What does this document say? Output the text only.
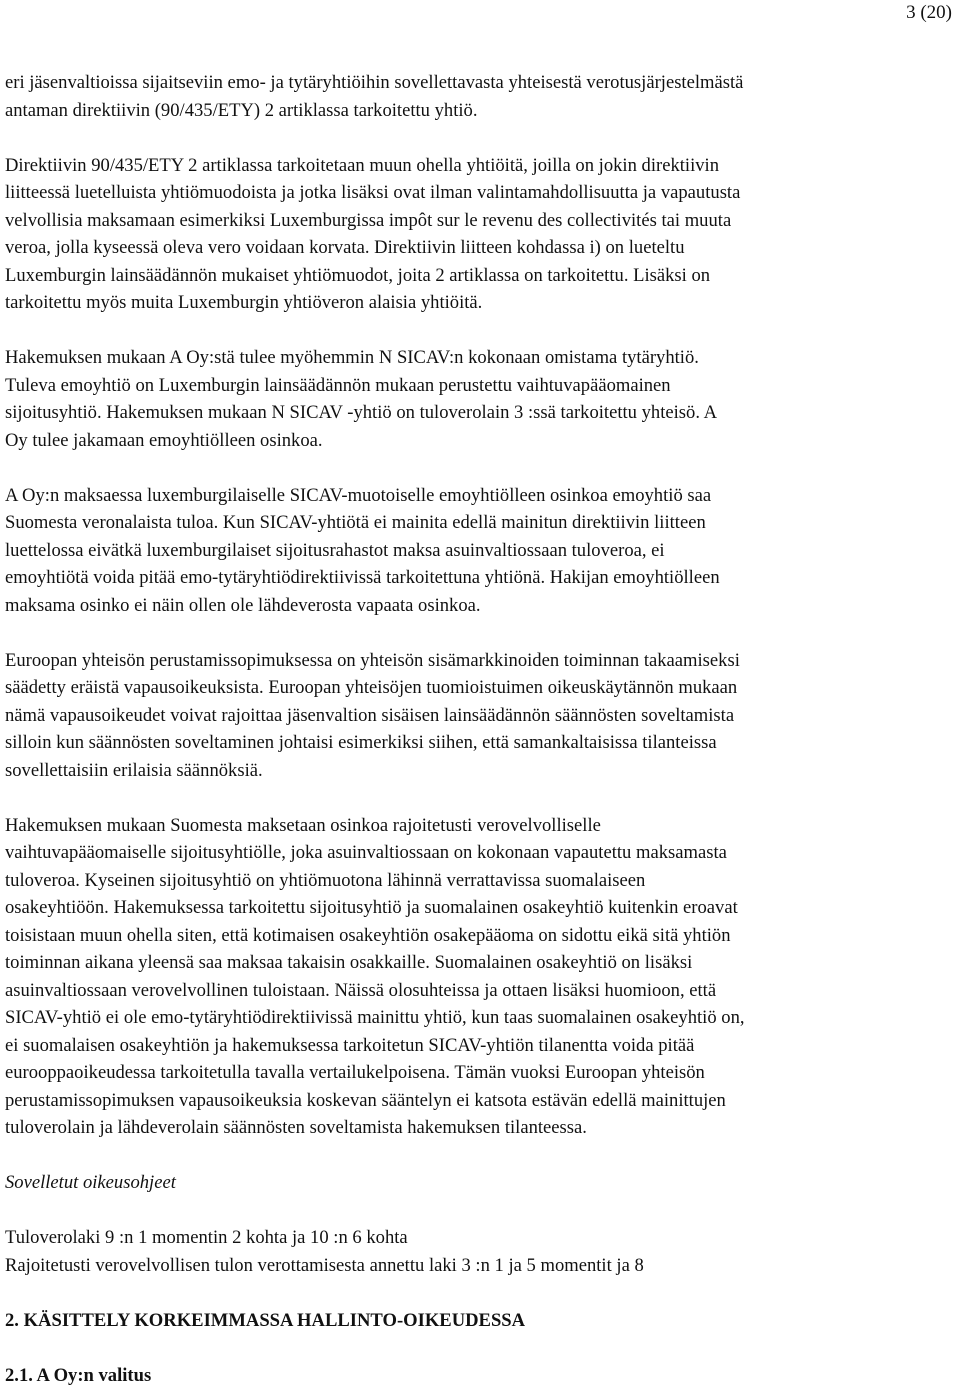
3 (20)
eri jäsenvaltioissa sijaitseviin emo- ja tytäryhtiöihin sovellettavasta yhteisestä verotusjärjestelmästä
antaman direktiivin (90/435/ETY) 2 artiklassa tarkoitettu yhtiö.
Direktiivin 90/435/ETY 2 artiklassa tarkoitetaan muun ohella yhtiöitä, joilla on jokin direktiivin
liitteessä luetelluista yhtiömuodoista ja jotka lisäksi ovat ilman valintamahdollisuutta ja vapautusta
velvollisia maksamaan esimerkiksi Luxemburgissa impôt sur le revenu des collectivités tai muuta
veroa, jolla kyseessä oleva vero voidaan korvata. Direktiivin liitteen kohdassa i) on lueteltu
Luxemburgin lainsäädännön mukaiset yhtiömuodot, joita 2 artiklassa on tarkoitettu. Lisäksi on
tarkoitettu myös muita Luxemburgin yhtiöveron alaisia yhtiöitä.
Hakemuksen mukaan A Oy:stä tulee myöhemmin N SICAV:n kokonaan omistama tytäryhtiö.
Tuleva emoyhtiö on Luxemburgin lainsäädännön mukaan perustettu vaihtuvapääomainen
sijoitusyhtiö. Hakemuksen mukaan N SICAV -yhtiö on tuloverolain 3 :ssä tarkoitettu yhteisö. A
Oy tulee jakamaan emoyhtiölleen osinkoa.
A Oy:n maksaessa luxemburgilaiselle SICAV-muotoiselle emoyhtiölleen osinkoa emoyhtiö saa
Suomesta veronalaista tuloa. Kun SICAV-yhtiötä ei mainita edellä mainitun direktiivin liitteen
luettelossa eivätkä luxemburgilaiset sijoitusrahastot maksa asuinvaltiossaan tuloveroa, ei
emoyhtiötä voida pitää emo-tytäryhtiödirektiivissä tarkoitettuna yhtiönä. Hakijan emoyhtiölleen
maksama osinko ei näin ollen ole lähdeverosta vapaata osinkoa.
Euroopan yhteisön perustamissopimuksessa on yhteisön sisämarkkinoiden toiminnan takaamiseksi
säädetty eräistä vapausoikeuksista. Euroopan yhteisöjen tuomioistuimen oikeuskäytännön mukaan
nämä vapausoikeudet voivat rajoittaa jäsenvaltion sisäisen lainsäädännön säännösten soveltamista
silloin kun säännösten soveltaminen johtaisi esimerkiksi siihen, että samankaltaisissa tilanteissa
sovellettaisiin erilaisia säännöksiä.
Hakemuksen mukaan Suomesta maksetaan osinkoa rajoitetusti verovelvolliselle
vaihtuvapääomaiselle sijoitusyhtiölle, joka asuinvaltiossaan on kokonaan vapautettu maksamasta
tuloveroa. Kyseinen sijoitusyhtiö on yhtiömuotona lähinnä verrattavissa suomalaiseen
osakeyhtiöön. Hakemuksessa tarkoitettu sijoitusyhtiö ja suomalainen osakeyhtiö kuitenkin eroavat
toisistaan muun ohella siten, että kotimaisen osakeyhtiön osakepääoma on sidottu eikä sitä yhtiön
toiminnan aikana yleensä saa maksaa takaisin osakkaille. Suomalainen osakeyhtiö on lisäksi
asuinvaltiossaan verovelvollinen tuloistaan. Näissä olosuhteissa ja ottaen lisäksi huomioon, että
SICAV-yhtiö ei ole emo-tytäryhtiödirektiivissä mainittu yhtiö, kun taas suomalainen osakeyhtiö on,
ei suomalaisen osakeyhtiön ja hakemuksessa tarkoitetun SICAV-yhtiön tilanentta voida pitää
eurooppaoikeudessa tarkoitetulla tavalla vertailukelpoisena. Tämän vuoksi Euroopan yhteisön
perustamissopimuksen vapausoikeuksia koskevan sääntelyn ei katsota estävän edellä mainittujen
tuloverolain ja lähdeverolain säännösten soveltamista hakemuksen tilanteessa.
Sovelletut oikeusohjeet
Tuloverolaki 9 :n 1 momentin 2 kohta ja 10 :n 6 kohta
Rajoitetusti verovelvollisen tulon verottamisesta annettu laki 3 :n 1 ja 5 momentit ja 8
2. KÄSITTELY KORKEIMMASSA HALLINTO-OIKEUDESSA
2.1. A Oy:n valitus
